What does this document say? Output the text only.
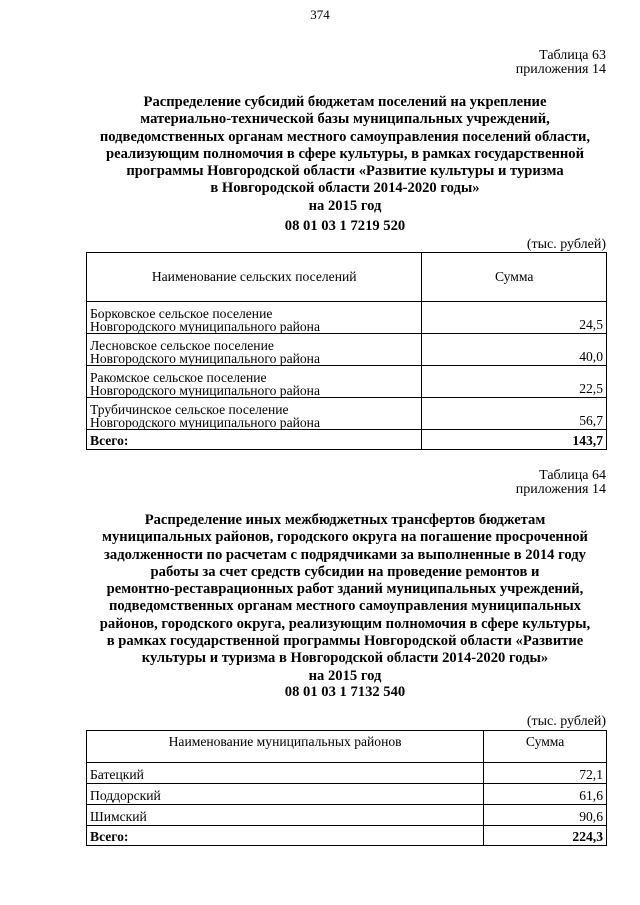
374
Таблица 63
приложения 14
Распределение субсидий бюджетам поселений на укрепление
материально-технической базы муниципальных учреждений,
подведомственных органам местного самоуправления поселений области,
реализующим полномочия в сфере культуры, в рамках государственной
программы Новгородской области «Развитие культуры и туризма
в Новгородской области 2014-2020 годы»
на 2015 год
08 01 03 1 7219 520
(тыс. рублей)
Наименование сельских поселений	Сумма

Борковское сельское поселение
Новгородского муниципального района	24,5

Лесновское сельское поселение
Новгородского муниципального района	40,0

Ракомское сельское поселение
Новгородского муниципального района	22,5

Трубичинское сельское поселение
Новгородского муниципального района	56,7
Всего:	143,7
Таблица 64
приложения 14
Распределение иных межбюджетных трансфертов бюджетам
муниципальных районов, городского округа на погашение просроченной
задолженности по расчетам с подрядчиками за выполненные в 2014 году
работы за счет средств субсидии на проведение ремонтов и
ремонтно-реставрационных работ зданий муниципальных учреждений,
подведомственных органам местного самоуправления муниципальных
районов, городского округа, реализующим полномочия в сфере культуры,
в рамках государственной программы Новгородской области «Развитие
культуры и туризма в Новгородской области 2014-2020 годы»
на 2015 год
08 01 03 1 7132 540
(тыс. рублей)
Наименование муниципальных районов	Сумма
Батецкий	72,1
Поддорский	61,6
Шимский	90,6
Всего:	224,3
